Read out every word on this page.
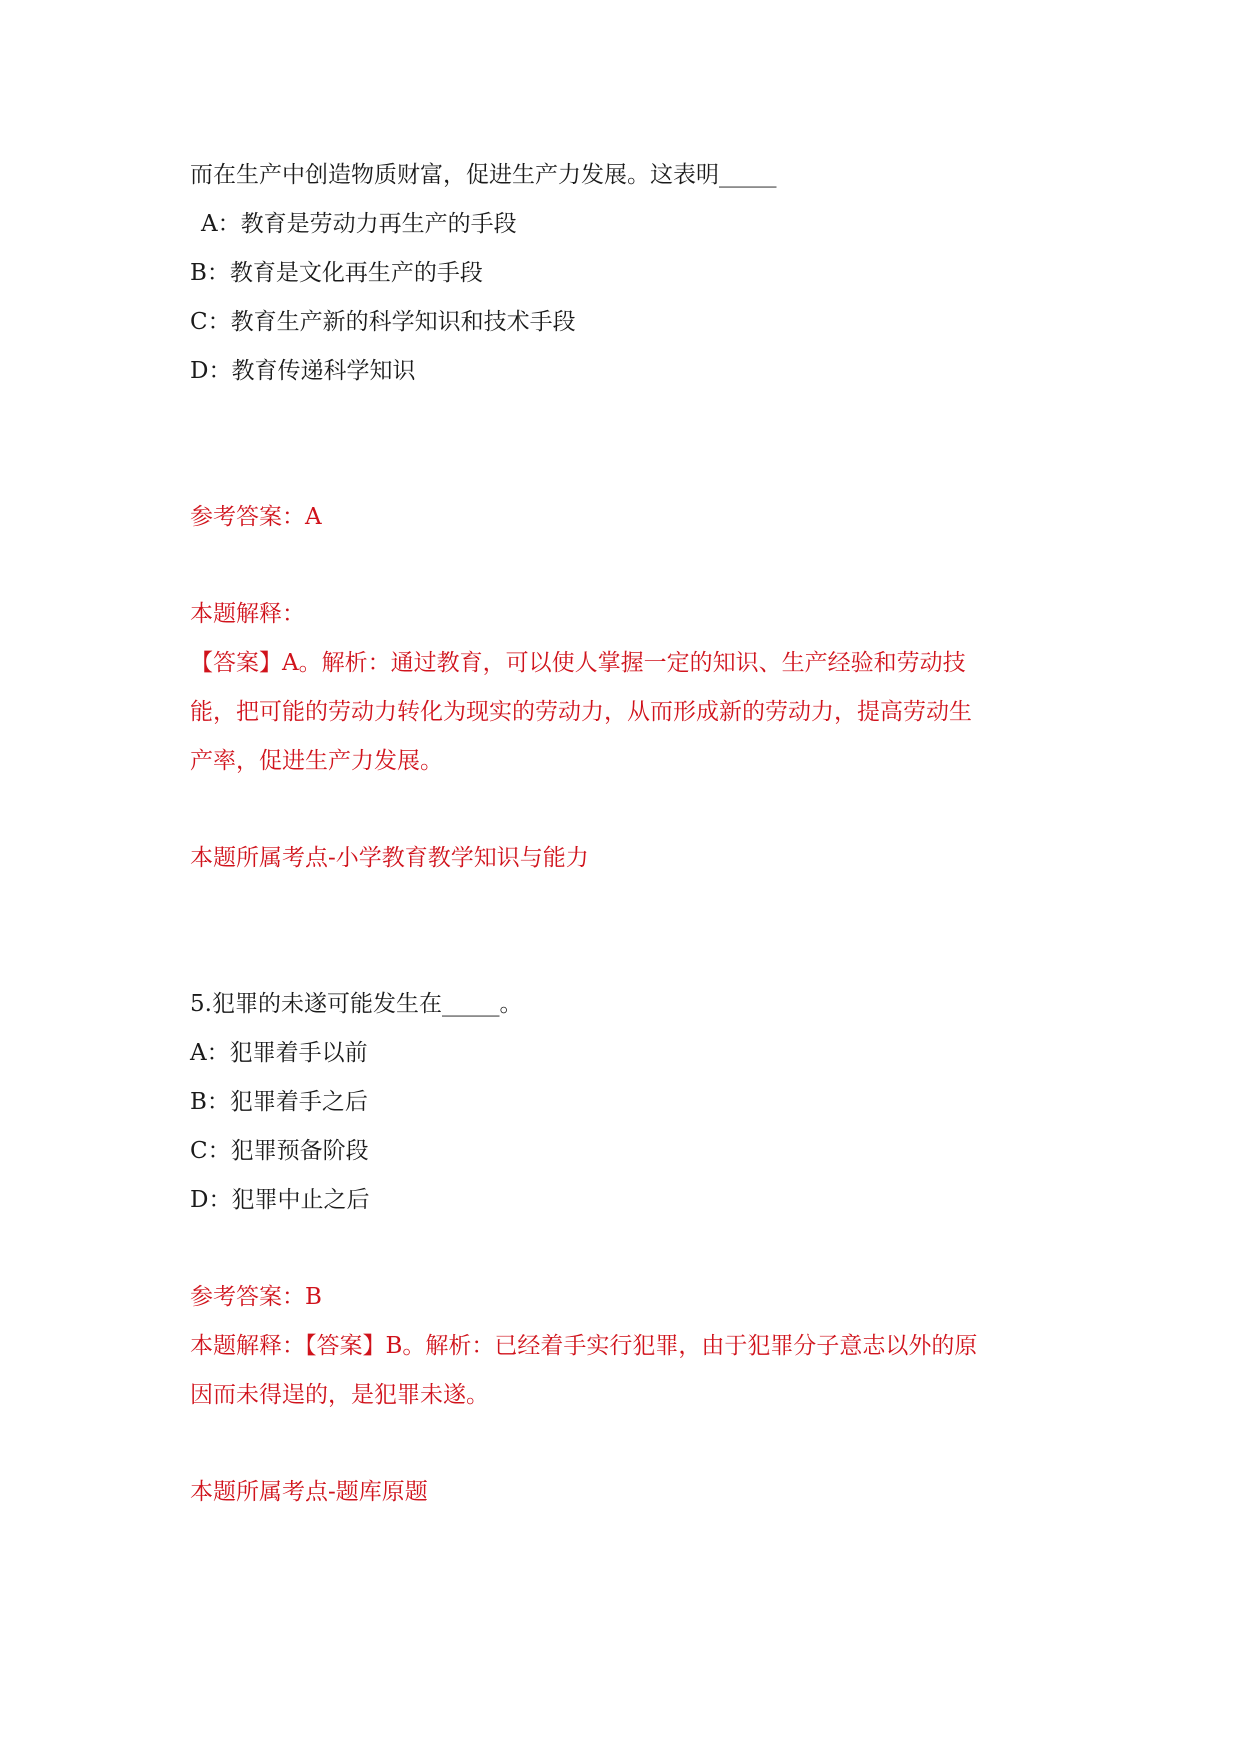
而在生产中创造物质财富，促进生产力发展。这表明_____
A：教育是劳动力再生产的手段
B：教育是文化再生产的手段
C：教育生产新的科学知识和技术手段
D：教育传递科学知识
参考答案：A
本题解释：
【答案】A。解析：通过教育，可以使人掌握一定的知识、生产经验和劳动技
能，把可能的劳动力转化为现实的劳动力，从而形成新的劳动力，提高劳动生
产率，促进生产力发展。
本题所属考点-小学教育教学知识与能力
5.犯罪的未遂可能发生在_____。
A：犯罪着手以前
B：犯罪着手之后
C：犯罪预备阶段
D：犯罪中止之后
参考答案：B
本题解释：【答案】B。解析：已经着手实行犯罪，由于犯罪分子意志以外的原
因而未得逞的，是犯罪未遂。
本题所属考点-题库原题
